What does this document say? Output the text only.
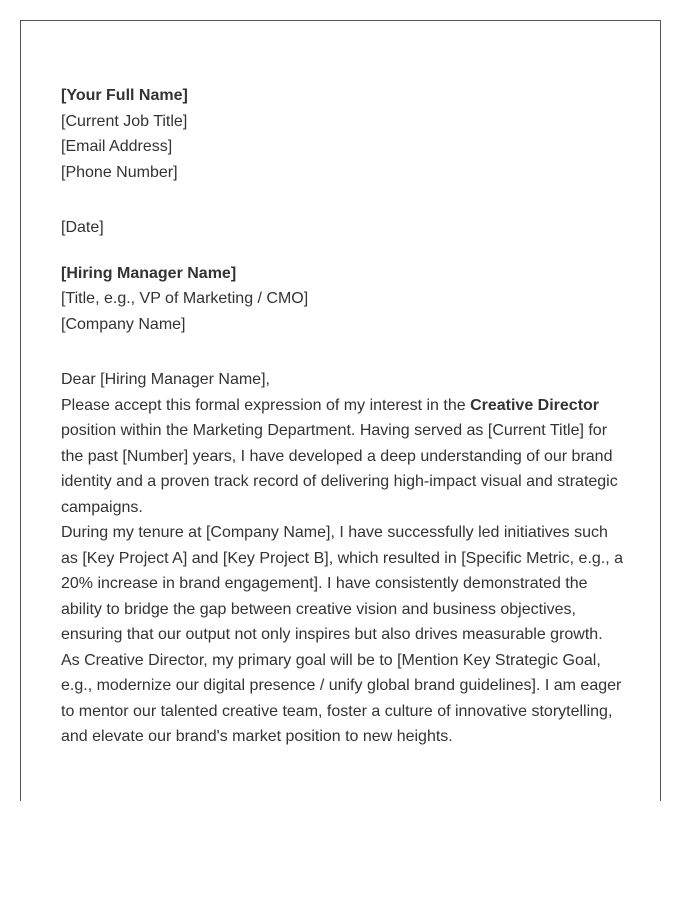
[Your Full Name]
[Current Job Title]
[Email Address]
[Phone Number]
[Date]
[Hiring Manager Name]
[Title, e.g., VP of Marketing / CMO]
[Company Name]
Dear [Hiring Manager Name],

Please accept this formal expression of my interest in the Creative Director position within the Marketing Department. Having served as [Current Title] for the past [Number] years, I have developed a deep understanding of our brand identity and a proven track record of delivering high-impact visual and strategic campaigns.

During my tenure at [Company Name], I have successfully led initiatives such as [Key Project A] and [Key Project B], which resulted in [Specific Metric, e.g., a 20% increase in brand engagement]. I have consistently demonstrated the ability to bridge the gap between creative vision and business objectives, ensuring that our output not only inspires but also drives measurable growth.

As Creative Director, my primary goal will be to [Mention Key Strategic Goal, e.g., modernize our digital presence / unify global brand guidelines]. I am eager to mentor our talented creative team, foster a culture of innovative storytelling, and elevate our brand's market position to new heights.
